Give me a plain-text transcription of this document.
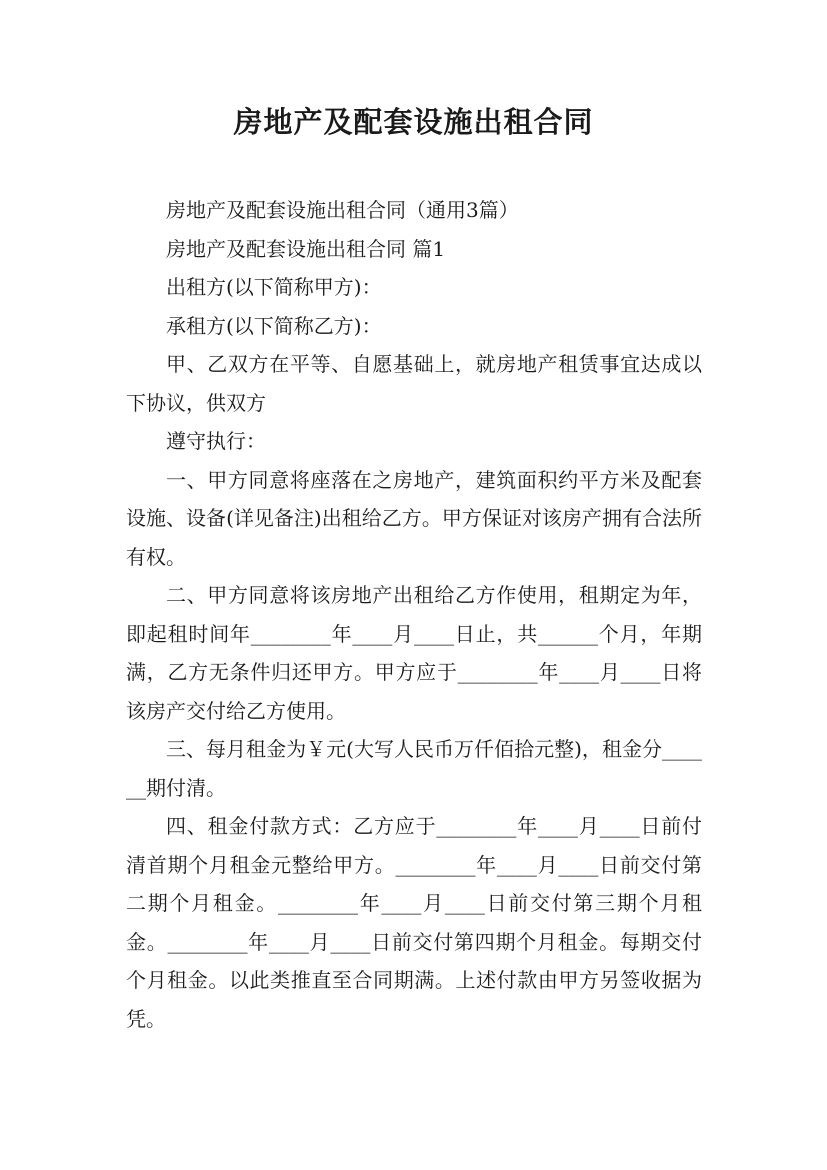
房地产及配套设施出租合同

房地产及配套设施出租合同（通用3篇）

房地产及配套设施出租合同 篇1

出租方(以下简称甲方)：

承租方(以下简称乙方)：

甲、乙双方在平等、自愿基础上，就房地产租赁事宜达成以下协议，供双方

遵守执行：

一、甲方同意将座落在之房地产，建筑面积约平方米及配套设施、设备(详见备注)出租给乙方。甲方保证对该房产拥有合法所有权。

二、甲方同意将该房地产出租给乙方作使用，租期定为年，即起租时间年________年____月____日止，共______个月，年期满，乙方无条件归还甲方。甲方应于________年____月____日将该房产交付给乙方使用。

三、每月租金为￥元(大写人民币万仟佰拾元整)，租金分______期付清。

四、租金付款方式：乙方应于________年____月____日前付清首期个月租金元整给甲方。________年____月____日前交付第二期个月租金。________年____月____日前交付第三期个月租金。________年____月____日前交付第四期个月租金。每期交付个月租金。以此类推直至合同期满。上述付款由甲方另签收据为凭。
